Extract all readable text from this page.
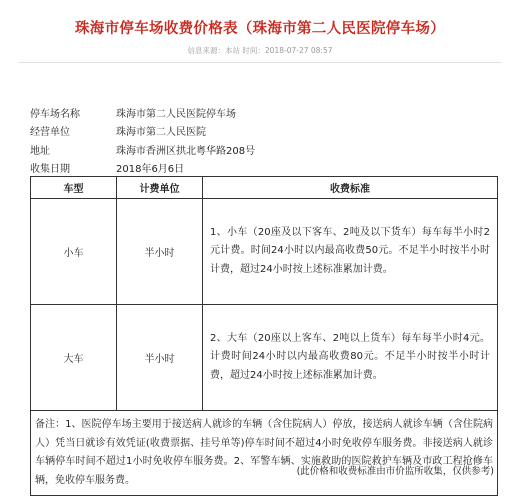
珠海市停车场收费价格表（珠海市第二人民医院停车场）
信息来源：本站 时间：2018-07-27 08:57
停车场名称	珠海市第二人民医院停车场
经营单位	珠海市第二人民医院
地址	珠海市香洲区拱北粤华路208号
收集日期	2018年6月6日
车型	计费单位	收费标准
小车	半小时	1、小车（20座及以下客车、2吨及以下货车）每车每半小时2元计费。时间24小时以内最高收费50元。不足半小时按半小时计费，超过24小时按上述标准累加计费。
大车	半小时	2、大车（20座以上客车、2吨以上货车）每车每半小时4元。计费时间24小时以内最高收费80元。不足半小时按半小时计费，超过24小时按上述标准累加计费。
备注：1、医院停车场主要用于接送病人就诊的车辆（含住院病人）停放，接送病人就诊车辆（含住院病人）凭当日就诊有效凭证(收费票据、挂号单等)停车时间不超过4小时免收停车服务费。非接送病人就诊车辆停车时间不超过1小时免收停车服务费。2、军警车辆、实施救助的医院救护车辆及市政工程抢修车辆，免收停车服务费。		
(此价格和收费标准由市价监所收集，仅供参考)
